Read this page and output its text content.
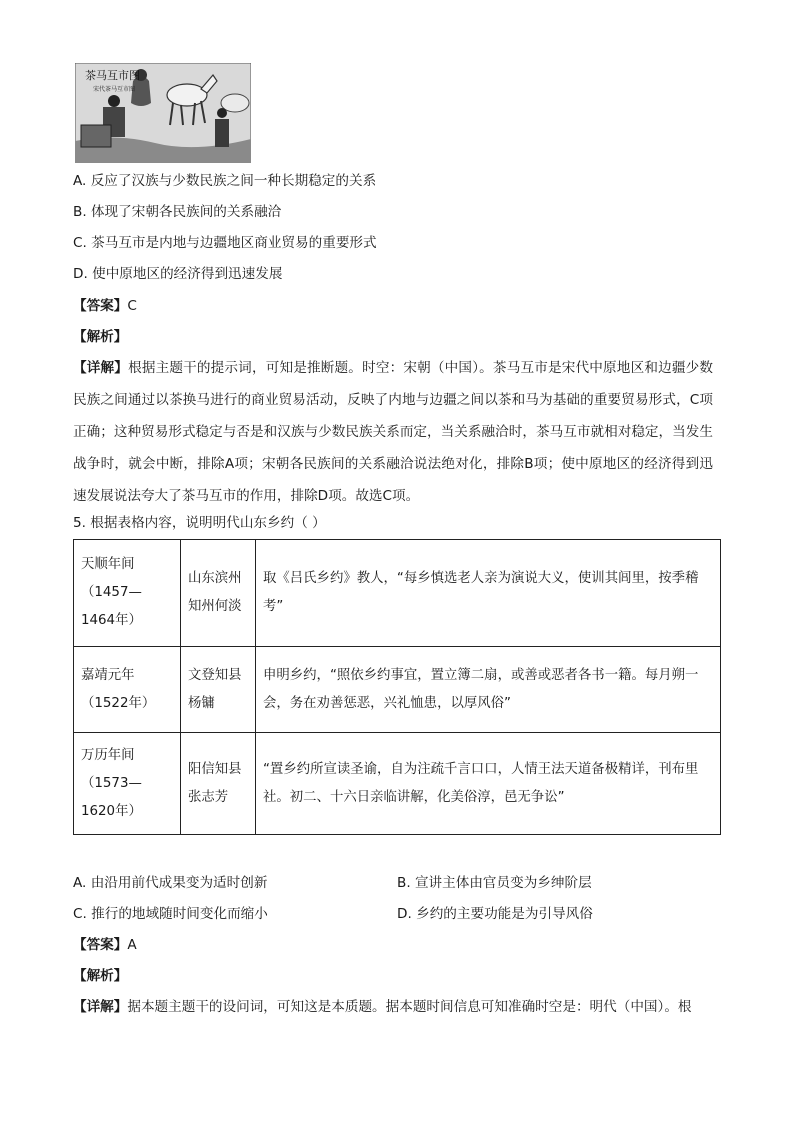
茶马互市图
宋代茶马互市图
A. 反应了汉族与少数民族之间一种长期稳定的关系
B. 体现了宋朝各民族间的关系融洽
C. 茶马互市是内地与边疆地区商业贸易的重要形式
D. 使中原地区的经济得到迅速发展
【答案】C
【解析】
【详解】根据主题干的提示词，可知是推断题。时空：宋朝（中国）。茶马互市是宋代中原地区和边疆少数民族之间通过以茶换马进行的商业贸易活动，反映了内地与边疆之间以茶和马为基础的重要贸易形式，C项正确；这种贸易形式稳定与否是和汉族与少数民族关系而定，当关系融洽时，茶马互市就相对稳定，当发生战争时，就会中断，排除A项；宋朝各民族间的关系融洽说法绝对化，排除B项；使中原地区的经济得到迅速发展说法夸大了茶马互市的作用，排除D项。故选C项。
5. 根据表格内容，说明明代山东乡约（ ）
天顺年间（1457—1464年）	山东滨州知州何淡	取《吕氏乡约》教人，“每乡慎选老人亲为演说大义，使训其闾里，按季稽考”
嘉靖元年（1522年）	文登知县杨镛	申明乡约，“照依乡约事宜，置立簿二扇，或善或恶者各书一籍。每月朔一会，务在劝善惩恶，兴礼恤患，以厚风俗”
万历年间（1573—1620年）	阳信知县张志芳	“置乡约所宣读圣谕，自为注疏千言口口，人情王法天道备极精详，刊布里社。初二、十六日亲临讲解，化美俗淳，邑无争讼”
A. 由沿用前代成果变为适时创新	B. 宣讲主体由官员变为乡绅阶层
C. 推行的地域随时间变化而缩小	D. 乡约的主要功能是为引导风俗
【答案】A
【解析】
【详解】据本题主题干的设问词，可知这是本质题。据本题时间信息可知准确时空是：明代（中国）。根
